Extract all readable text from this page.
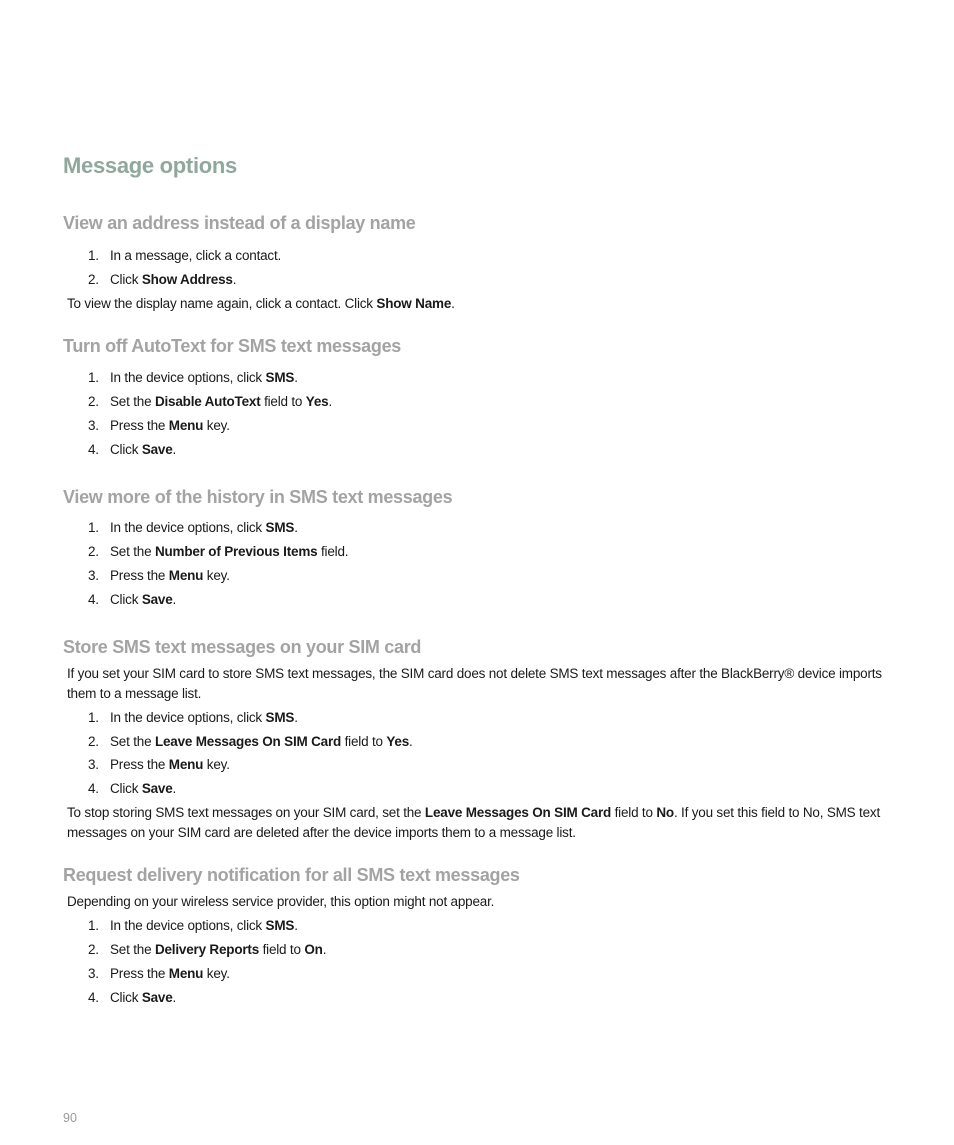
Message options
View an address instead of a display name
1. In a message, click a contact.
2. Click Show Address.
To view the display name again, click a contact. Click Show Name.
Turn off AutoText for SMS text messages
1. In the device options, click SMS.
2. Set the Disable AutoText field to Yes.
3. Press the Menu key.
4. Click Save.
View more of the history in SMS text messages
1. In the device options, click SMS.
2. Set the Number of Previous Items field.
3. Press the Menu key.
4. Click Save.
Store SMS text messages on your SIM card
If you set your SIM card to store SMS text messages, the SIM card does not delete SMS text messages after the BlackBerry® device imports them to a message list.
1. In the device options, click SMS.
2. Set the Leave Messages On SIM Card field to Yes.
3. Press the Menu key.
4. Click Save.
To stop storing SMS text messages on your SIM card, set the Leave Messages On SIM Card field to No. If you set this field to No, SMS text messages on your SIM card are deleted after the device imports them to a message list.
Request delivery notification for all SMS text messages
Depending on your wireless service provider, this option might not appear.
1. In the device options, click SMS.
2. Set the Delivery Reports field to On.
3. Press the Menu key.
4. Click Save.
90
